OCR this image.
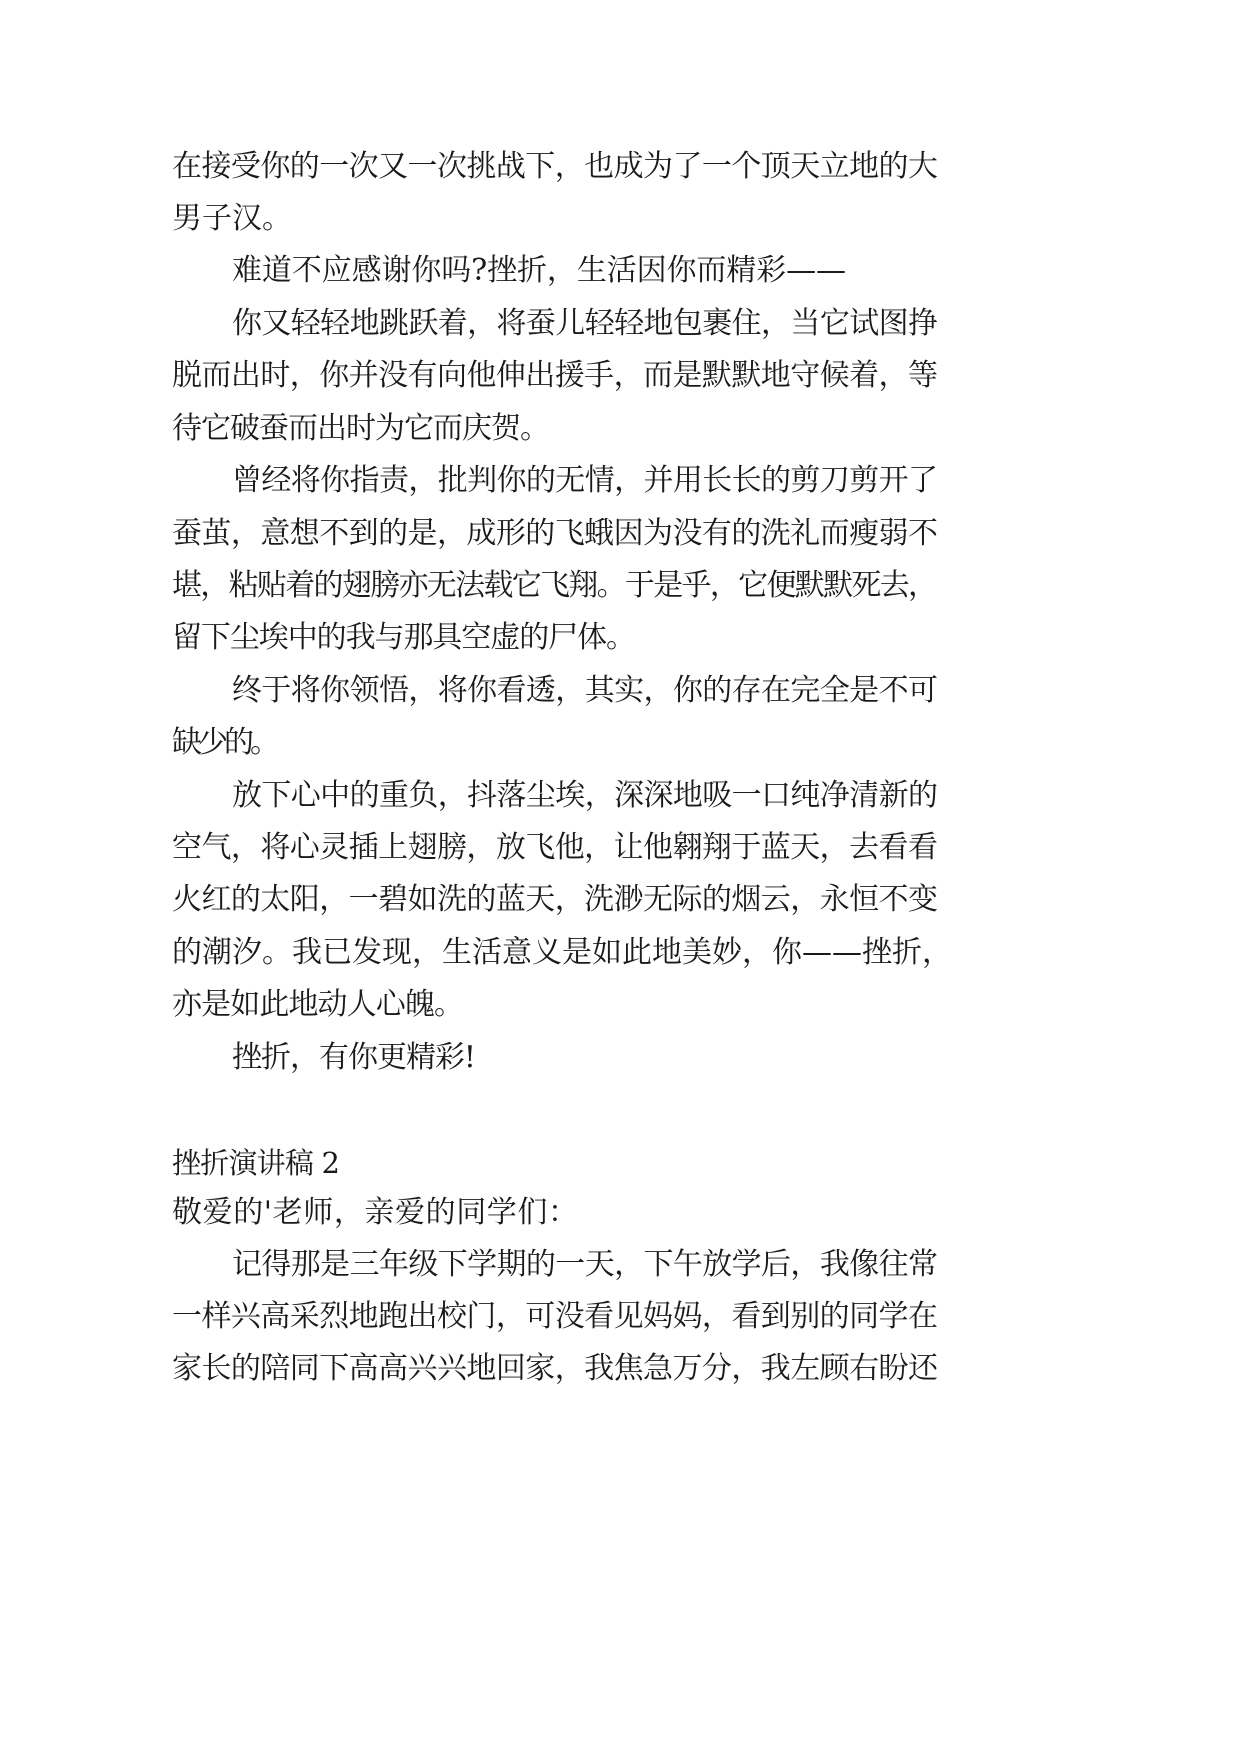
在接受你的一次又一次挑战下，也成为了一个顶天立地的大
男子汉。
难道不应感谢你吗?挫折，生活因你而精彩——
你又轻轻地跳跃着，将蚕儿轻轻地包裹住，当它试图挣
脱而出时，你并没有向他伸出援手，而是默默地守候着，等
待它破蚕而出时为它而庆贺。
曾经将你指责，批判你的无情，并用长长的剪刀剪开了
蚕茧，意想不到的是，成形的飞蛾因为没有的洗礼而瘦弱不
堪，粘贴着的翅膀亦无法载它飞翔。于是乎，它便默默死去，
留下尘埃中的我与那具空虚的尸体。
终于将你领悟，将你看透，其实，你的存在完全是不可
缺少的。
放下心中的重负，抖落尘埃，深深地吸一口纯净清新的
空气，将心灵插上翅膀，放飞他，让他翱翔于蓝天，去看看
火红的太阳，一碧如洗的蓝天，洗渺无际的烟云，永恒不变
的潮汐。我已发现，生活意义是如此地美妙，你——挫折，
亦是如此地动人心魄。
挫折，有你更精彩!
挫折演讲稿 2
敬爱的'老师，亲爱的同学们：
记得那是三年级下学期的一天，下午放学后，我像往常
一样兴高采烈地跑出校门，可没看见妈妈，看到别的同学在
家长的陪同下高高兴兴地回家，我焦急万分，我左顾右盼还
